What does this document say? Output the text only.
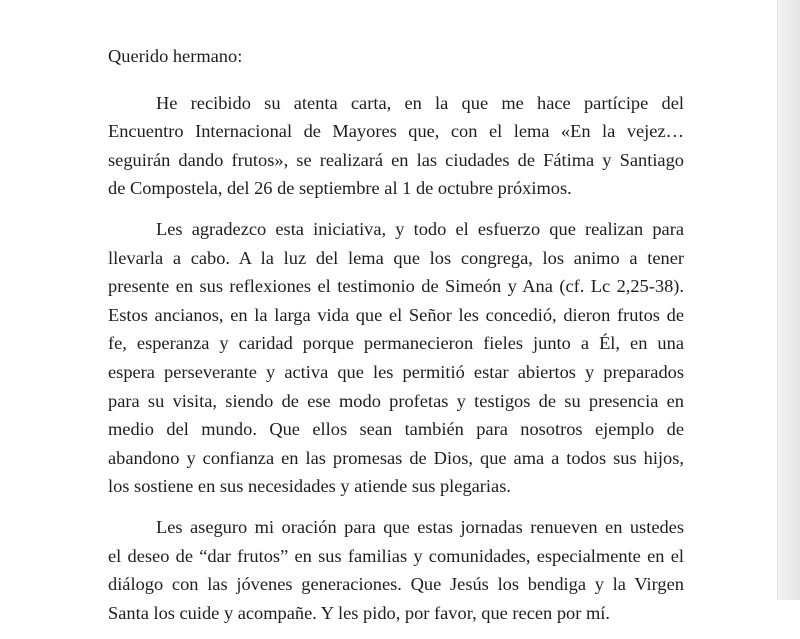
Querido hermano:
He recibido su atenta carta, en la que me hace partícipe del
Encuentro Internacional de Mayores que, con el lema «En la vejez…
seguirán dando frutos», se realizará en las ciudades de Fátima y Santiago
de Compostela, del 26 de septiembre al 1 de octubre próximos.
Les agradezco esta iniciativa, y todo el esfuerzo que realizan para
llevarla a cabo. A la luz del lema que los congrega, los animo a tener
presente en sus reflexiones el testimonio de Simeón y Ana (cf. Lc 2,25-38).
Estos ancianos, en la larga vida que el Señor les concedió, dieron frutos de
fe, esperanza y caridad porque permanecieron fieles junto a Él, en una
espera perseverante y activa que les permitió estar abiertos y preparados
para su visita, siendo de ese modo profetas y testigos de su presencia en
medio del mundo. Que ellos sean también para nosotros ejemplo de
abandono y confianza en las promesas de Dios, que ama a todos sus hijos,
los sostiene en sus necesidades y atiende sus plegarias.
Les aseguro mi oración para que estas jornadas renueven en ustedes
el deseo de “dar frutos” en sus familias y comunidades, especialmente en el
diálogo con las jóvenes generaciones. Que Jesús los bendiga y la Virgen
Santa los cuide y acompañe. Y les pido, por favor, que recen por mí.
